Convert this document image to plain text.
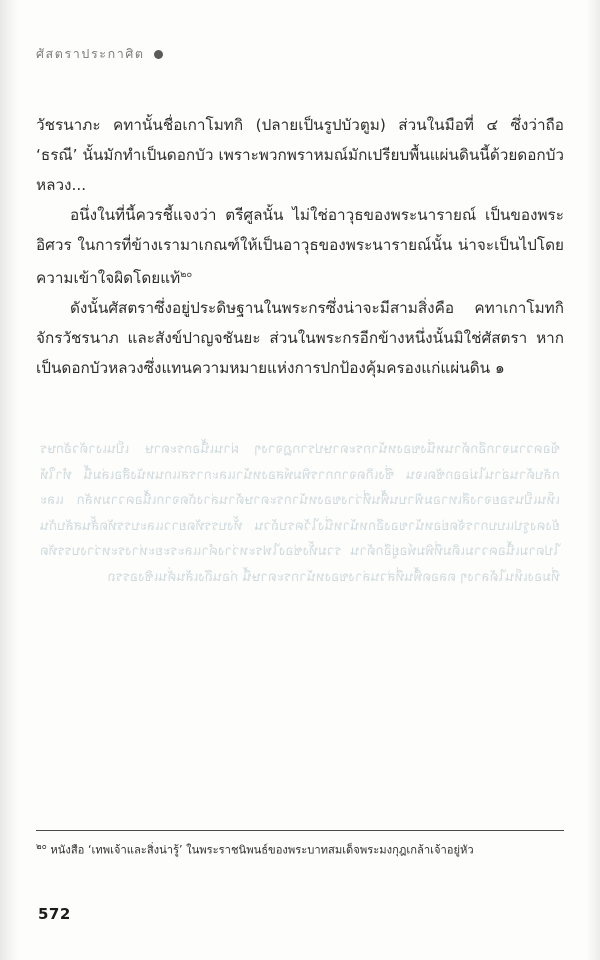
ศัสตราประกาศิต

วัชรนาภะ คทานั้นชื่อเกาโมทกิ (ปลายเป็นรูปบัวตูม) ส่วนในมือที่ ๔ ซึ่งว่าถือ ‘ธรณี’ นั้นมักทำเป็นดอกบัว เพราะพวกพราหมณ์มักเปรียบพื้นแผ่นดินนี้ด้วยดอกบัวหลวง...

อนึ่งในที่นี้ควรชี้แจงว่า ตรีศูลนั้น ไม่ใช่อาวุธของพระนารายณ์ เป็นของพระอิศวร ในการที่ข้างเรามาเกณฑ์ให้เป็นอาวุธของพระนารายณ์นั้น น่าจะเป็นไปโดยความเข้าใจผิดโดยแท้$^{๒๐}$

ดังนั้นศัสตราซึ่งอยู่ประดิษฐานในพระกรซึ่งน่าจะมีสามสิ่งคือ คทาเกาโมทกิ จักรวัชรนาภ และสังข์ปาญจชันยะ ส่วนในพระกรอีกข้างหนึ่งนั้นมิใช่ศัสตรา หากเป็นดอกบัวหลวงซึ่งแทนความหมายแห่งการปกป้องคุ้มครองแก่แผ่นดิน ๑

ข้อความจากอีกด้านหนึ่งของหน้ากระดาษปรากฏจางๆ ผ่านเนื้อกระดาษ เป็นเงาตัวอักษรกลับด้านอ่านไม่ออกชัดเจน ซึ่งเกิดจากการพิมพ์สองหน้าและการสแกนหนังสือเล่มนี้ ทำให้เห็นเป็นรอยจางสีเทาอมฟ้าบนพื้นที่ว่างของหน้ากระดาษด้านล่างถัดจากเนื้อความหลัก และยังคงรูปแบบการจัดย่อหน้าของอีกหน้าหนึ่งไว้ครบถ้วน ทั้งบรรทัดยาวและบรรทัดสั้นสลับกันไปตามเนื้อความเดิมที่พิมพ์อยู่อีกด้าน รวมทั้งช่องไฟระหว่างคำและระยะห่างระหว่างบรรทัดที่มองเห็นได้ลางๆ ตลอดพื้นที่ส่วนล่างของหน้ากระดาษนี้ ก่อนถึงเส้นคั่นเชิงอรรถ
$^{๒๐}$ หนังสือ ‘เทพเจ้าและสิ่งน่ารู้’ ในพระราชนิพนธ์ของพระบาทสมเด็จพระมงกุฎเกล้าเจ้าอยู่หัว
572
